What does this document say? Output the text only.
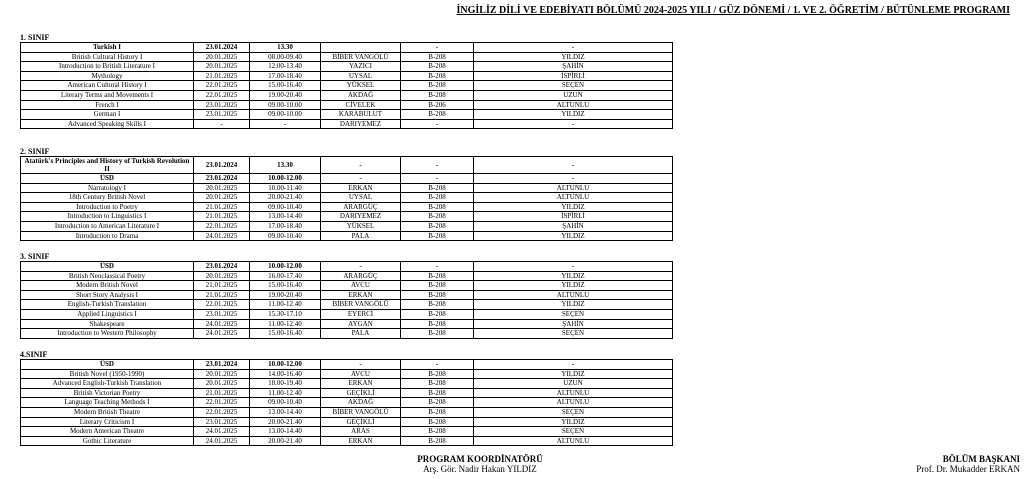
İNGİLİZ DİLİ VE EDEBİYATI BÖLÜMÜ 2024-2025 YILI / GÜZ DÖNEMİ / 1. VE 2. ÖĞRETİM / BÜTÜNLEME PROGRAMI
1. SINIF
Turkish I	23.01.2024	13.30		-	-
British Cultural History I	20.01.2025	08.00-09.40	BİBER VANGÖLÜ	B-208	YILDIZ
Introduction to British Literature I	20.01.2025	12.00-13.40	YAZICI	B-208	ŞAHİN
Mythology	21.01.2025	17.00-18.40	UYSAL	B-208	İSPİRLİ
American Cultural History I	22.01.2025	15.00-16.40	YÜKSEL	B-208	SEÇEN
Literary Terms and Movements I	22.01.2025	19.00-20.40	AKDAĞ	B-208	UZUN
French I	23.01.2025	09.00-10.00	CİVELEK	B-206	ALTUNLU
German I	23.01.2025	09.00-10.00	KARABULUT	B-208	YILDIZ
Advanced Speaking Skills I	-	-	DARIYEMEZ	-	-
2. SINIF
Atatürk's Principles and History of Turkish Revolution II	23.01.2024	13.30	-	-	-
ÜSD	23.01.2024	10.00-12.00	-	-	-
Narratology I	20.01.2025	10.00-11.40	ERKAN	B-208	ALTUNLU
18th Century British Novel	20.01.2025	20.00-21.40	UYSAL	B-208	ALTUNLU
Introduction to Poetry	21.01.2025	09.00-10.40	ARARGÜÇ	B-208	YILDIZ
Introduction to Linguistics I	21.01.2025	13.00-14.40	DARIYEMEZ	B-208	İSPİRLİ
Introduction to American Literature I	22.01.2025	17.00-18.40	YÜKSEL	B-208	ŞAHİN
Introduction to Drama	24.01.2025	09.00-10.40	PALA	B-208	YILDIZ
3. SINIF
ÜSD	23.01.2024	10.00-12.00	-	-	-
British Neoclassical Poetry	20.01.2025	16.00-17.40	ARARGÜÇ	B-208	YILDIZ
Modern British Novel	21.01.2025	15.00-16.40	AVCU	B-208	YILDIZ
Short Story Analysis I	21.01.2025	19.00-20.40	ERKAN	B-208	ALTUNLU
English-Turkish Translation	22.01.2025	11.00-12.40	BİBER VANGÖLÜ	B-208	YILDIZ
Applied Linguistics I	23.01.2025	15.30-17.10	EYERCİ	B-208	SEÇEN
Shakespeare	24.01.2025	11.00-12.40	AYGAN	B-208	ŞAHİN
Introduction to Western Philosophy	24.01.2025	15.00-16.40	PALA	B-208	SEÇEN
4.SINIF
ÜSD	23.01.2024	10.00-12.00	-	-	-
British Novel (1950-1990)	20.01.2025	14.00-16.40	AVCU	B-208	YILDIZ
Advanced English-Turkish Translation	20.01.2025	18.00-19.40	ERKAN	B-208	UZUN
British Victorian Poetry	21.01.2025	11.00-12.40	GEÇİKLİ	B-208	ALTUNLU
Language Teaching Methods I	22.01.2025	09.00-10.40	AKDAĞ	B-208	ALTUNLU
Modern British Theatre	22.01.2025	13.00-14.40	BİBER VANGÖLÜ	B-208	SEÇEN
Literary Criticism I	23.01.2025	20.00-21.40	GEÇİKLİ	B-208	YILDIZ
Modern American Theatre	24.01.2025	13.00-14.40	ARAS	B-208	SEÇEN
Gothic Literature	24.01.2025	20.00-21.40	ERKAN	B-208	ALTUNLU
PROGRAM KOORDİNATÖRÜ
Arş. Gör. Nadir Hakan YILDIZ
BÖLÜM BAŞKANI
Prof. Dr. Mukadder ERKAN
